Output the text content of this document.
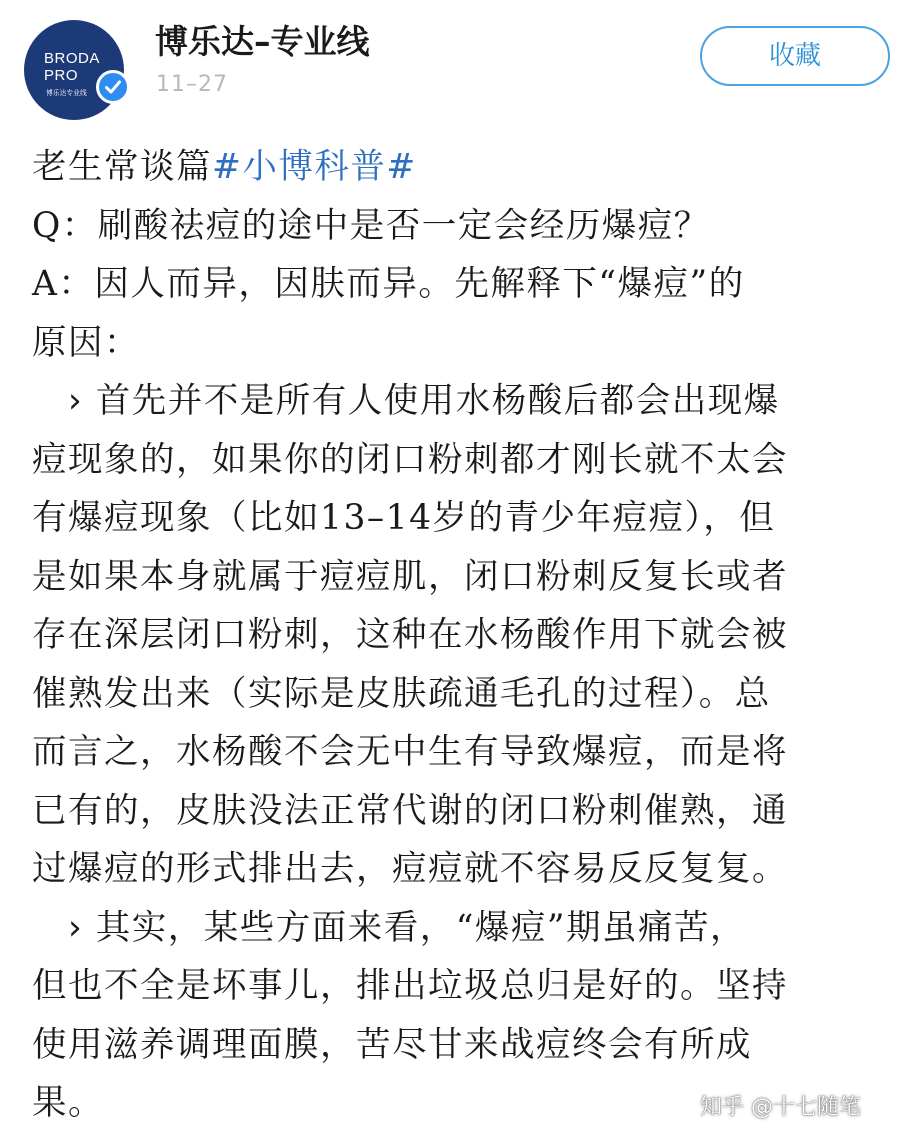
BRODA
PRO
博乐达专业线
博乐达–专业线
11–27
收藏
老生常谈篇#小博科普#
Q：刷酸祛痘的途中是否一定会经历爆痘？
A：因人而异，因肤而异。先解释下“爆痘”的
原因：
› 首先并不是所有人使用水杨酸后都会出现爆
痘现象的，如果你的闭口粉刺都才刚长就不太会
有爆痘现象（比如13–14岁的青少年痘痘），但
是如果本身就属于痘痘肌，闭口粉刺反复长或者
存在深层闭口粉刺，这种在水杨酸作用下就会被
催熟发出来（实际是皮肤疏通毛孔的过程）。总
而言之，水杨酸不会无中生有导致爆痘，而是将
已有的，皮肤没法正常代谢的闭口粉刺催熟，通
过爆痘的形式排出去，痘痘就不容易反反复复。
› 其实，某些方面来看，“爆痘”期虽痛苦，
但也不全是坏事儿，排出垃圾总归是好的。坚持
使用滋养调理面膜，苦尽甘来战痘终会有所成
果。	知乎 @十七随笔
